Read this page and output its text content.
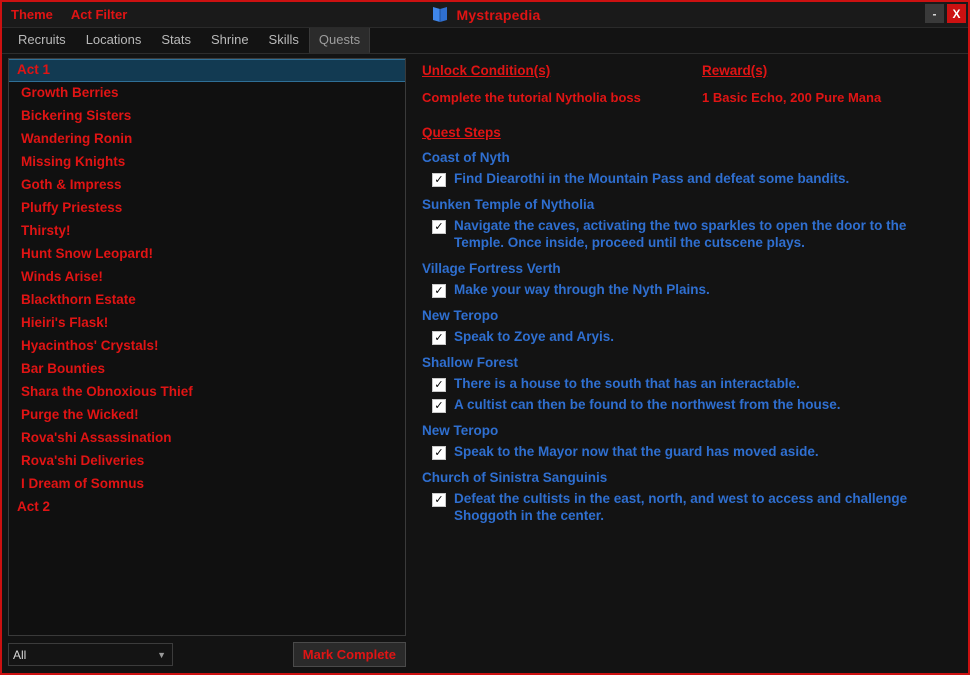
Theme	Act Filter	Mystrapedia	-	X
Recruits	Locations	Stats	Shrine	Skills	Quests
Act 1
Growth Berries
Bickering Sisters
Wandering Ronin
Missing Knights
Goth & Impress
Pluffy Priestess
Thirsty!
Hunt Snow Leopard!
Winds Arise!
Blackthorn Estate
Hieiri's Flask!
Hyacinthos' Crystals!
Bar Bounties
Shara the Obnoxious Thief
Purge the Wicked!
Rova'shi Assassination
Rova'shi Deliveries
I Dream of Somnus
Act 2
All	▼	Mark Complete
Unlock Condition(s)	Reward(s)
Complete the tutorial Nytholia boss	1 Basic Echo, 200 Pure Mana
Quest Steps
Coast of Nyth
✓ Find Diearothi in the Mountain Pass and defeat some bandits.
Sunken Temple of Nytholia
✓ Navigate the caves, activating the two sparkles to open the door to the Temple. Once inside, proceed until the cutscene plays.
Village Fortress Verth
✓ Make your way through the Nyth Plains.
New Teropo
✓ Speak to Zoye and Aryis.
Shallow Forest
✓ There is a house to the south that has an interactable.
✓ A cultist can then be found to the northwest from the house.
New Teropo
✓ Speak to the Mayor now that the guard has moved aside.
Church of Sinistra Sanguinis
✓ Defeat the cultists in the east, north, and west to access and challenge Shoggoth in the center.
